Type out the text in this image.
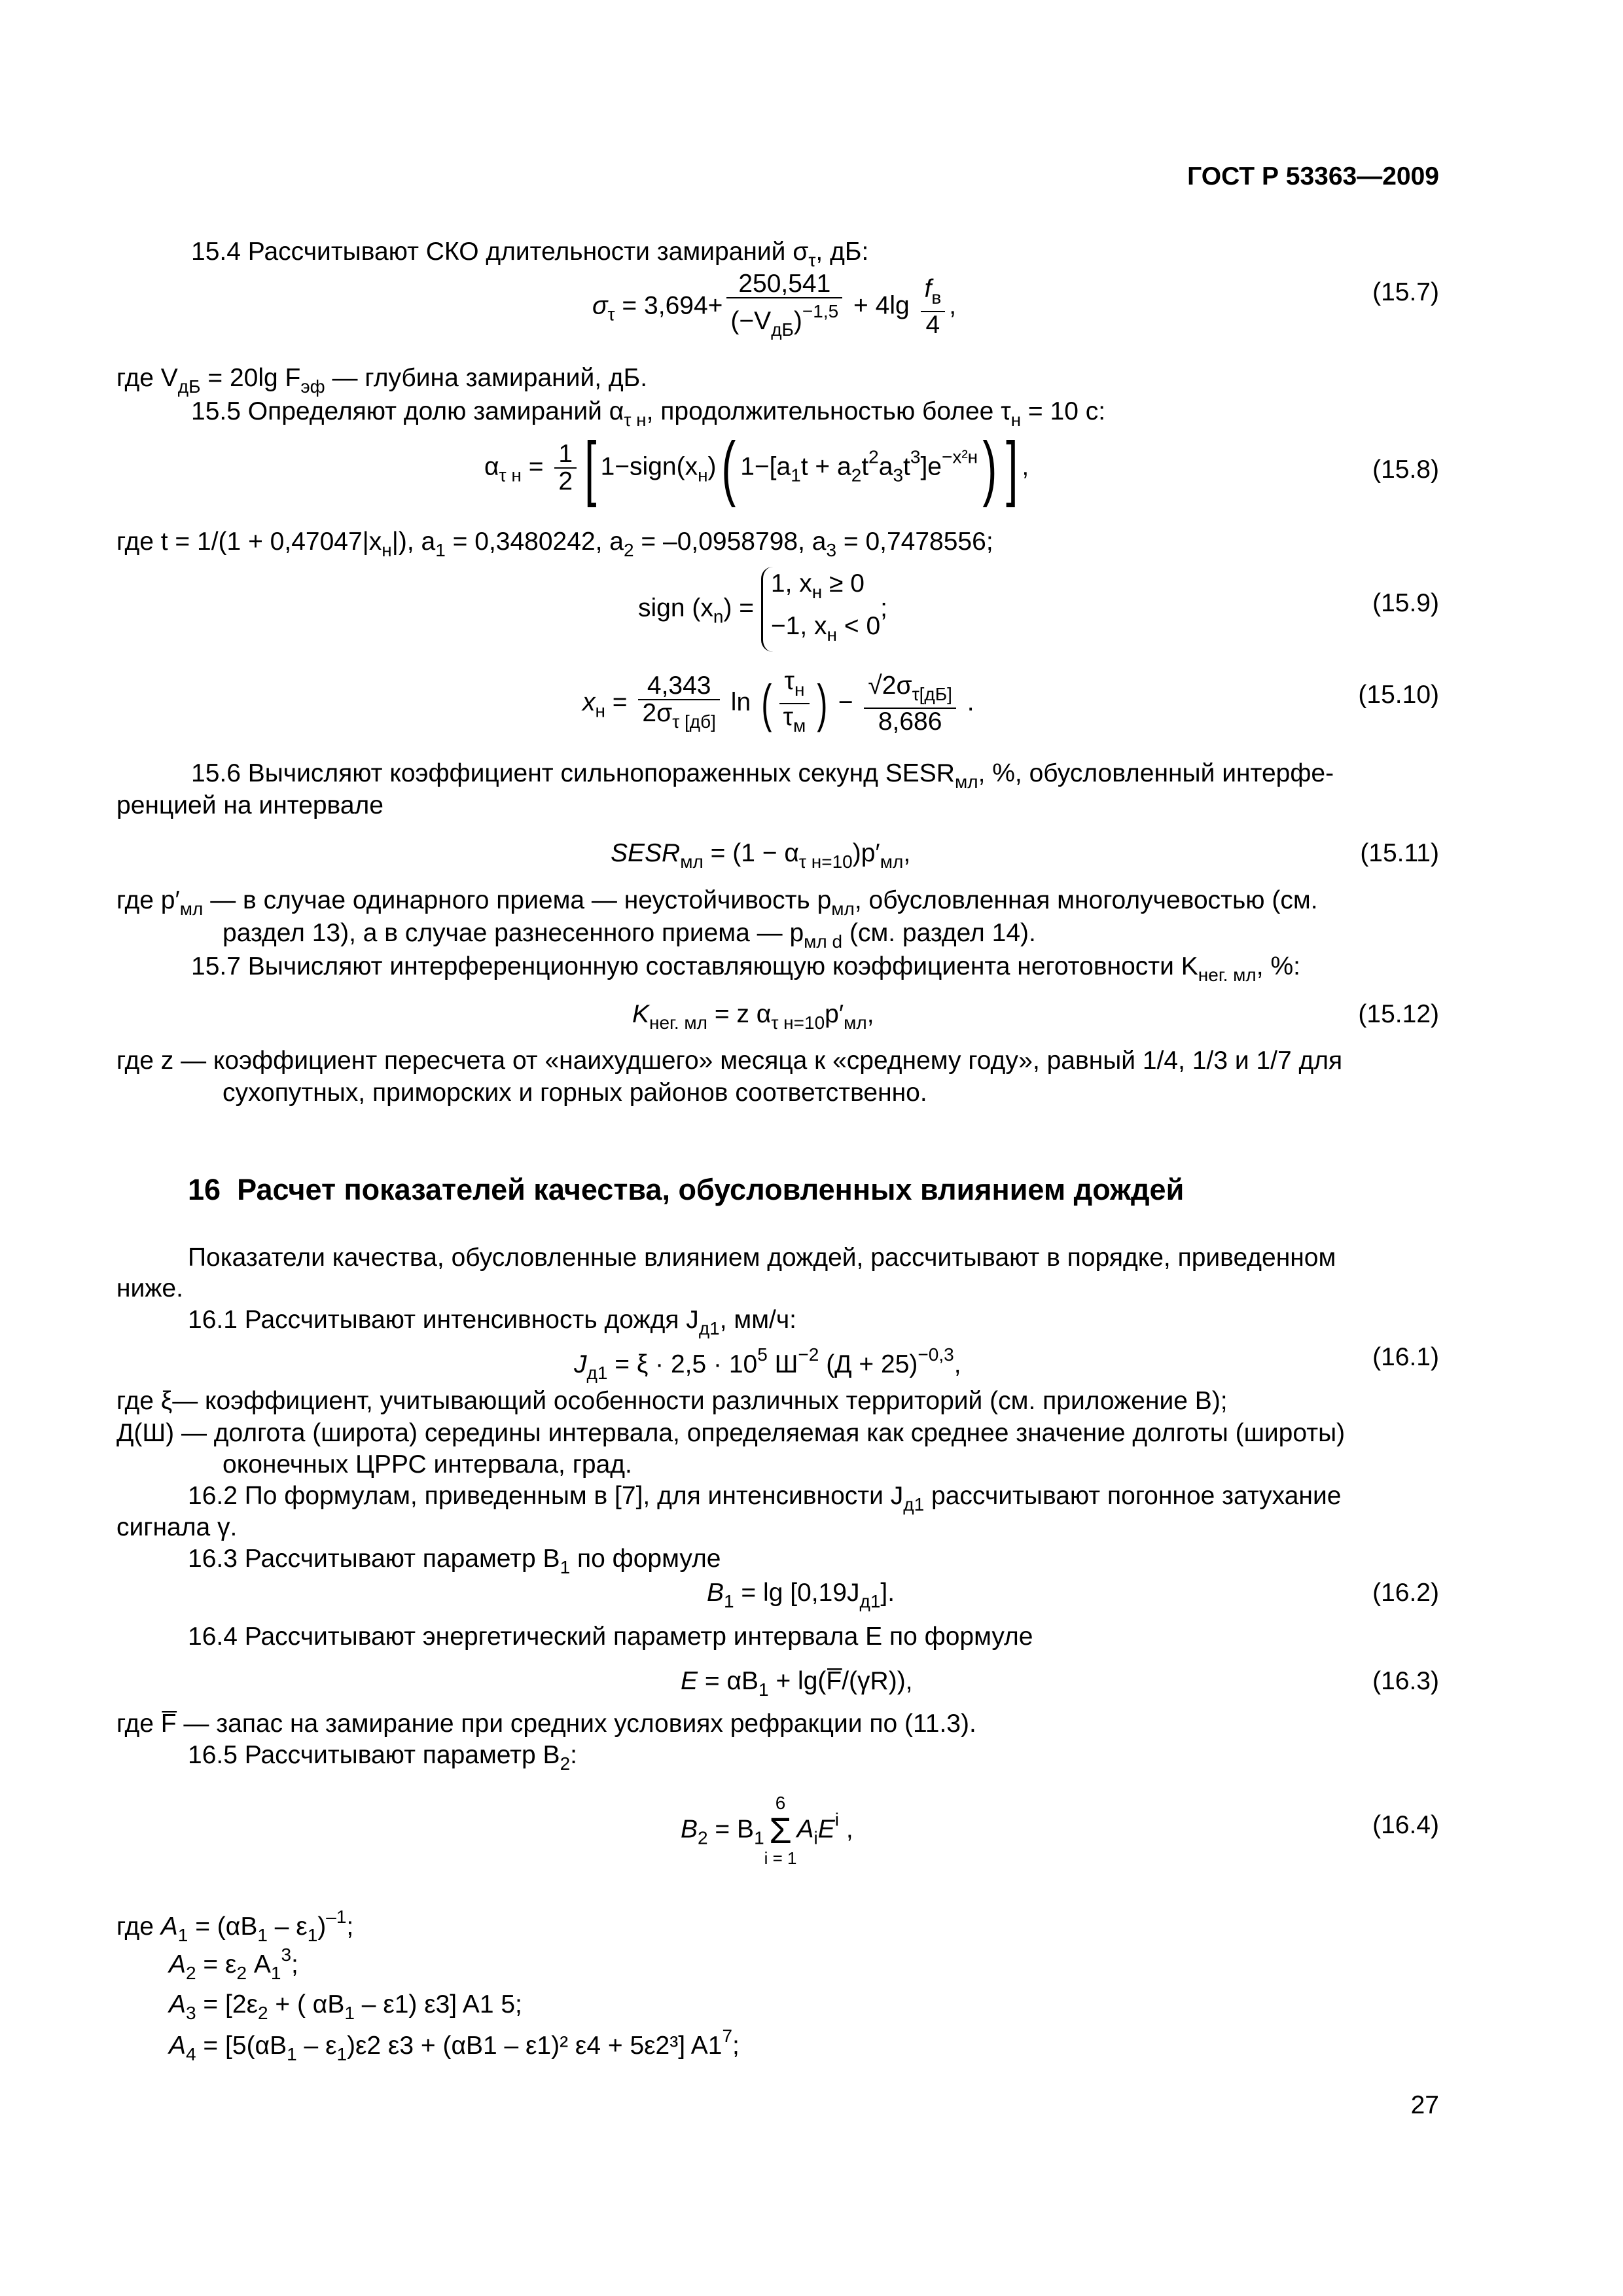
ГОСТ Р 53363—2009
15.4 Рассчитывают СКО длительности замираний $\sigma_\tau$, дБ:
$\sigma_\tau = 3,694+ \frac{250,541}{(-V_{дБ})^{-1,5}} + 4\lg \frac{f_в}{4}$ ,	(15.7)
где $V_{дБ} = 20\lg$ $F_{эф}$ — глубина замираний, дБ.
15.5 Определяют долю замираний $\alpha_{\tau н}$, продолжительностью более $\tau_н = 10$ с:
$\alpha_{\tau н} = \frac{1}{2}$ [ $1-sign(x_н)$( $1-[a_1t + a_2t^2a_3t^3]e^{-x^2н}$) ] ,	(15.8)
где $t = 1/(1 + 0,47047|x_н|)$, $a_1 = 0,3480242$, $a_2 = -0,0958798$, $a_3 = 0,7478556$;
sign $(x_n)$ =
1, $x_н \ge 0$
−1, $x_н < 0$
;	(15.9)
$x_н = \frac{4,343}{2\sigma_{\tau [дб]}}$ ln ( $\frac{\tau_н}{\tau_м}$ ) − $\frac{√2\sigma_{\tau[дБ]}}{8,686}$ .	(15.10)
15.6 Вычисляют коэффициент сильнопораженных секунд $SESR_{мл}$, %, обусловленный интерфе-
ренцией на интервале
$SESR_{мл} = (1 - \alpha_{\tau н=10})p'_{мл}$,	(15.11)
где $p'_{мл}$ — в случае одинарного приема — неустойчивость $p_{мл}$, обусловленная многолучевостью (см.
раздел 13), а в случае разнесенного приема — $p_{мл d}$ (см. раздел 14).
15.7 Вычисляют интерференционную составляющую коэффициента неготовности $K_{нег. мл}$, %:
$K_{нег. мл} = z$ $\alpha_{\tau н=10}p'_{мл}$,	(15.12)
где z — коэффициент пересчета от «наихудшего» месяца к «среднему году», равный 1/4, 1/3 и 1/7 для
сухопутных, приморских и горных районов соответственно.
16 Расчет показателей качества, обусловленных влиянием дождей
Показатели качества, обусловленные влиянием дождей, рассчитывают в порядке, приведенном
ниже.
16.1 Рассчитывают интенсивность дождя $J_{д1}$, мм/ч:
$J_{д1} = \xi \cdot 2,5 \cdot 10^5$ $Ш^{-2}$ $(Д + 25)^{-0,3}$,	(16.1)
где ξ— коэффициент, учитывающий особенности различных территорий (см. приложение В);
Д(Ш) — долгота (широта) середины интервала, определяемая как среднее значение долготы (широты)
оконечных ЦРРС интервала, град.
16.2 По формулам, приведенным в [7], для интенсивности $J_{д1}$ рассчитывают погонное затухание
сигнала γ.
16.3 Рассчитывают параметр $B_1$ по формуле
$B_1 = \lg [0,19J_{д1}]$.	(16.2)
16.4 Рассчитывают энергетический параметр интервала E по формуле
$E = \alpha B_1$ + lg(F̅/(γR)),	(16.3)
где F̅ — запас на замирание при средних условиях рефракции по (11.3).
16.5 Рассчитывают параметр $B_2$:
$B_2 = B_1$
6
Σ
i = 1
$A_iE^i$ ,	(16.4)
где $A_1 = (\alpha B_1 - \varepsilon_1)^{-1}$;
$A_2 = \varepsilon_2$ $A_1^3$;
$A_3 = [2\varepsilon_2$ + ( $\alpha B_1 - \varepsilon 1$) ε3] A1 5;
$A_4 = [5(\alpha B_1 - \varepsilon_1)\varepsilon 2$ ε3 + (αB1 – ε1)² ε4 + 5ε2³] $A1^7$;
27
